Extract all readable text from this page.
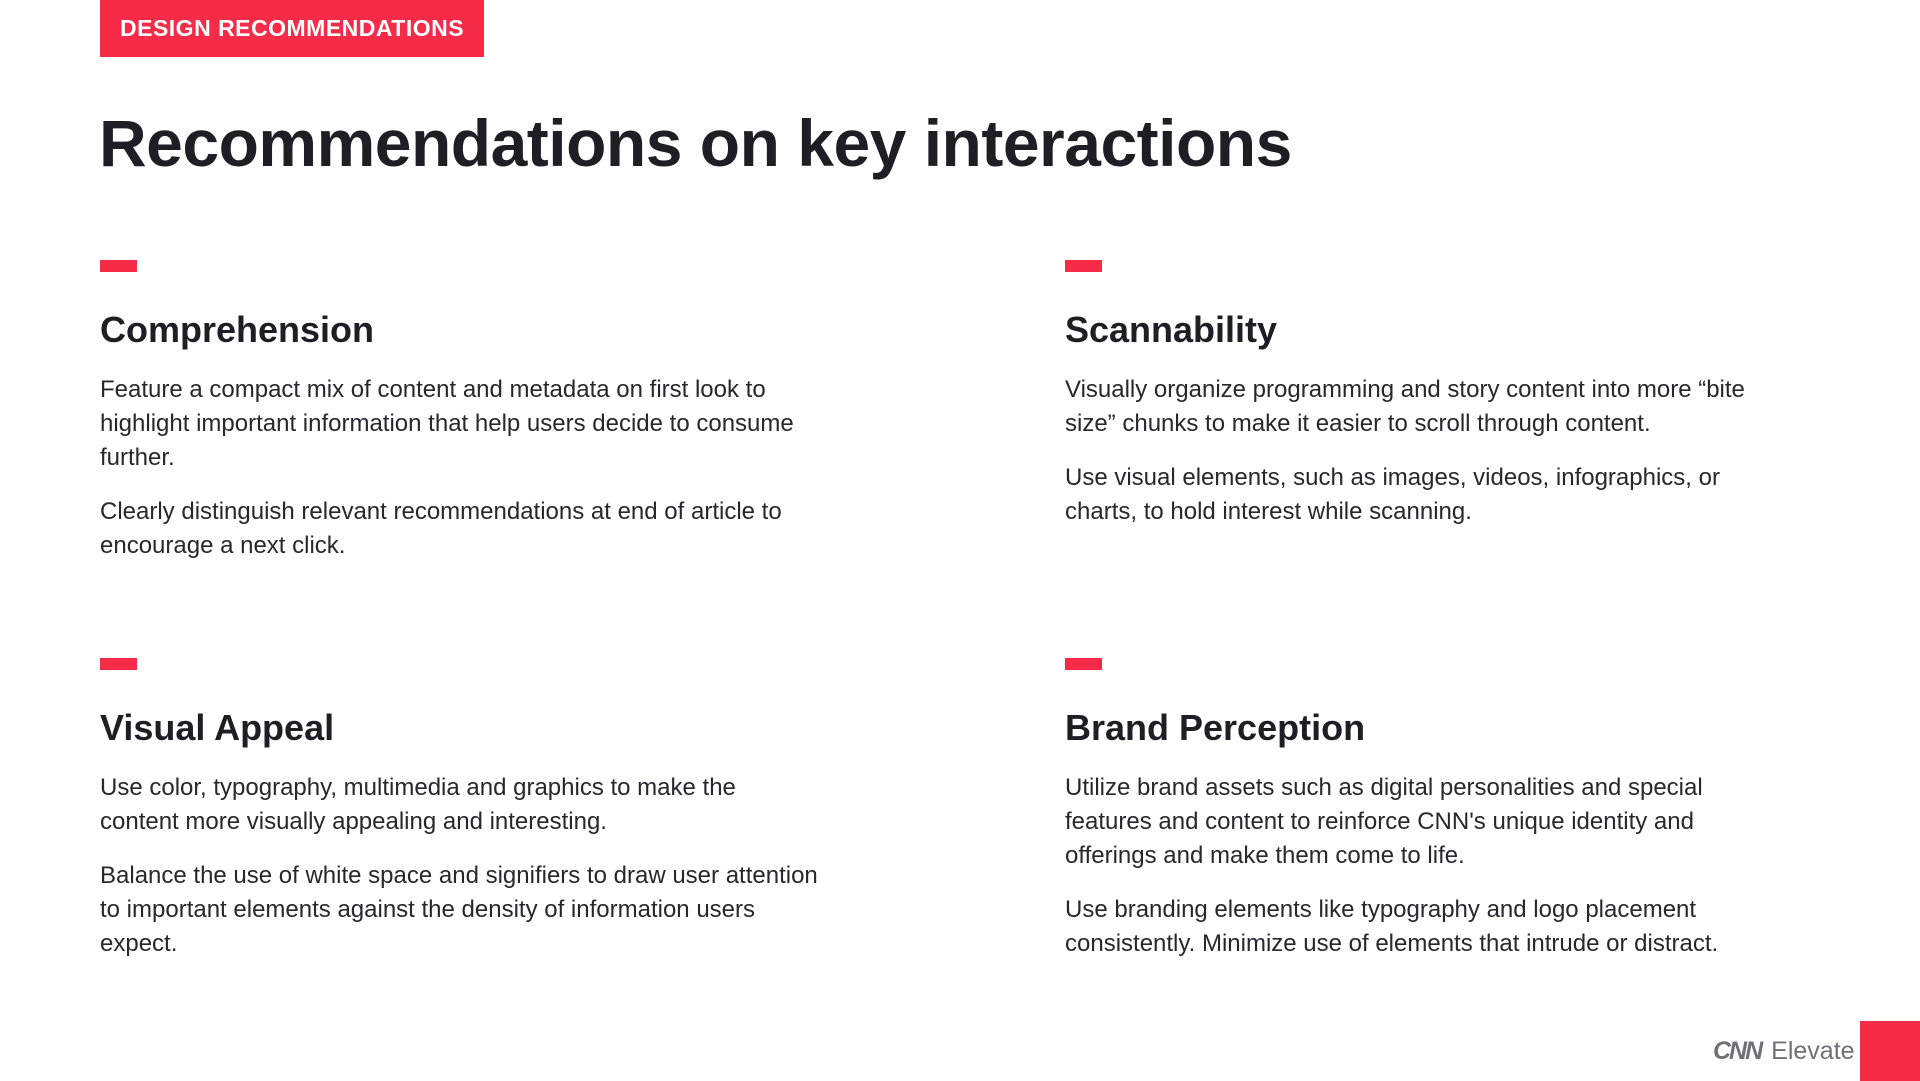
DESIGN RECOMMENDATIONS
Recommendations on key interactions
Comprehension

Feature a compact mix of content and metadata on first look to highlight important information that help users decide to consume further.

Clearly distinguish relevant recommendations at end of article to encourage a next click.

Scannability

Visually organize programming and story content into more “bite size” chunks to make it easier to scroll through content.

Use visual elements, such as images, videos, infographics, or charts, to hold interest while scanning.

Visual Appeal

Use color, typography, multimedia and graphics to make the content more visually appealing and interesting.

Balance the use of white space and signifiers to draw user attention to important elements against the density of information users expect.

Brand Perception

Utilize brand assets such as digital personalities and special features and content to reinforce CNN's unique identity and offerings and make them come to life.

Use branding elements like typography and logo placement consistently. Minimize use of elements that intrude or distract.

CNN Elevate
